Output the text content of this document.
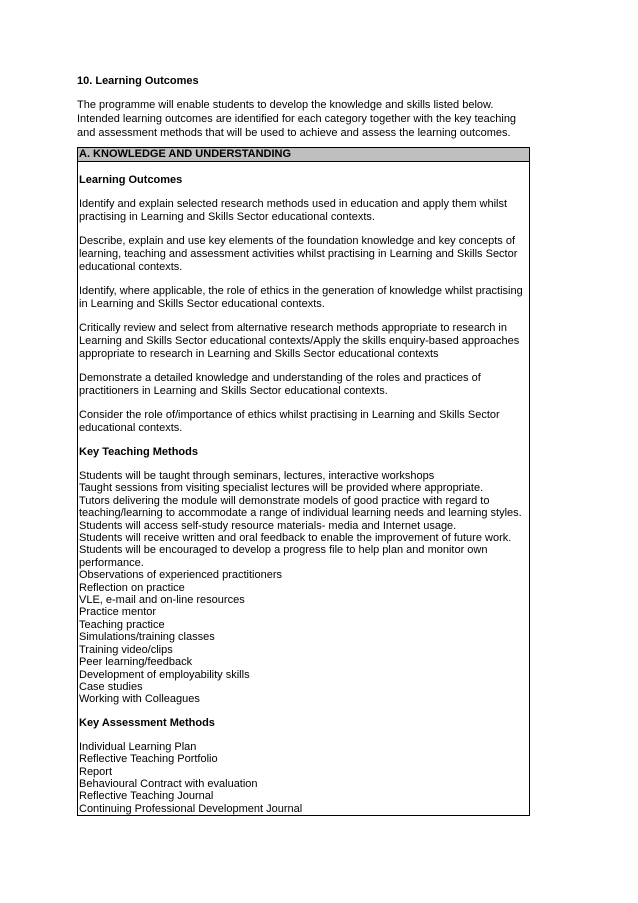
10. Learning Outcomes

The programme will enable students to develop the knowledge and skills listed below. Intended learning outcomes are identified for each category together with the key teaching and assessment methods that will be used to achieve and assess the learning outcomes.
A. KNOWLEDGE AND UNDERSTANDING
Learning Outcomes
Identify and explain selected research methods used in education and apply them whilst practising in Learning and Skills Sector educational contexts.
Describe, explain and use key elements of the foundation knowledge and key concepts of learning, teaching and assessment activities whilst practising in Learning and Skills Sector educational contexts.
Identify, where applicable, the role of ethics in the generation of knowledge whilst practising in Learning and Skills Sector educational contexts.
Critically review and select from alternative research methods appropriate to research in Learning and Skills Sector educational contexts/Apply the skills enquiry-based approaches appropriate to research in Learning and Skills Sector educational contexts
Demonstrate a detailed knowledge and understanding of the roles and practices of practitioners in Learning and Skills Sector educational contexts.
Consider the role of/importance of ethics whilst practising in Learning and Skills Sector educational contexts.
Key Teaching Methods
Students will be taught through seminars, lectures, interactive workshops
Taught sessions from visiting specialist lectures will be provided where appropriate.
Tutors delivering the module will demonstrate models of good practice with regard to
teaching/learning to accommodate a range of individual learning needs and learning styles.
Students will access self-study resource materials- media and Internet usage.
Students will receive written and oral feedback to enable the improvement of future work.
Students will be encouraged to develop a progress file to help plan and monitor own
performance.
Observations of experienced practitioners
Reflection on practice
VLE, e-mail and on-line resources
Practice mentor
Teaching practice
Simulations/training classes
Training video/clips
Peer learning/feedback
Development of employability skills
Case studies
Working with Colleagues
Key Assessment Methods
Individual Learning Plan
Reflective Teaching Portfolio
Report
Behavioural Contract with evaluation
Reflective Teaching Journal
Continuing Professional Development Journal
